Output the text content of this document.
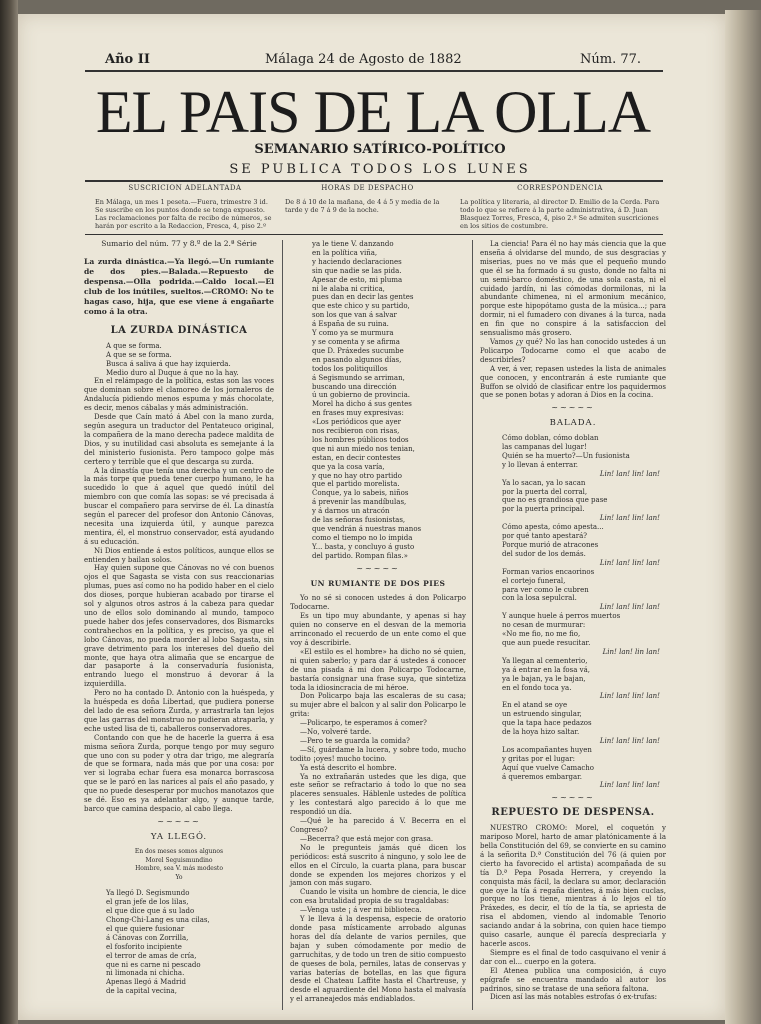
Año II	Málaga 24 de Agosto de 1882	Núm. 77.
EL PAIS DE LA OLLA
SEMANARIO SATÍRICO-POLÍTICO
SE PUBLICA TODOS LOS LUNES
SUSCRICION ADELANTADA
En Málaga, un mes 1 peseta.—Fuera, trimestre 3 id. Se suscribe en los puntos donde se tenga expuesto. Las reclamaciones por falta de recibo de números, se harán por escrito a la Redaccion, Fresca, 4, piso 2.º
HORAS DE DESPACHO
De 8 á 10 de la mañana, de 4 á 5 y media de la tarde y de 7 á 9 de la noche.
CORRESPONDENCIA
La política y literaria, al director D. Emilio de la Cerda. Para todo lo que se refiere á la parte administrativa, á D. Juan Blasquez Torres, Fresca, 4, piso 2.º Se admiten suscriciones en los sitios de costumbre.

Sumario del núm. 77 y 8.º de la 2.ª Série

La zurda dinástica.—Ya llegó.—Un rumiante de dos pies.—Balada.—Repuesto de despensa.—Olla podrida.—Caldo local.—El club de los inútiles, sueltos.—CROMO: No te hagas caso, hija, que ese viene á engañarte como á la otra.

LA ZURDA DINÁSTICA

A que se forma.

A que se se forma.

Busca á saliva á que hay izquierda.

Medio duro al Duque á que no la hay.

En el relámpago de la política, estas son las voces que dominan sobre el clamoreo de los jornaleros de Andalucía pidiendo menos espuma y más chocolate, es decir, menos cábalas y más administración.

Desde que Caín mató á Abel con la mano zurda, según asegura un traductor del Pentateuco original, la compañera de la mano derecha padece maldita de Dios, y su inutilidad casi absoluta es semejante á la del ministerio fusionista. Pero tampoco golpe más certero y terrible que el que descarga su zurda.

A la dinastía que tenía una derecha y un centro de la más torpe que pueda tener cuerpo humano, le ha sucedido lo que á aquel que quedó inútil del miembro con que comía las sopas: se vé precisada á buscar el compañero para servirse de él. La dinastía según el parecer del profesor don Antonio Cánovas, necesita una izquierda útil, y aunque parezca mentira, él, el monstruo conservador, está ayudando á su educación.

Ni Dios entiende á estos políticos, aunque ellos se entienden y bailan solos.

Hay quien supone que Cánovas no vé con buenos ojos el que Sagasta se vista con sus reaccionarias plumas, pues así como no ha podido haber en el cielo dos dioses, porque hubieran acabado por tirarse el sol y algunos otros astros á la cabeza para quedar uno de ellos solo dominando al mundo, tampoco puede haber dos jefes conservadores, dos Bismarcks contrahechos en la política, y es preciso, ya que el lobo Cánovas, no pueda morder al lobo Sagasta, sin grave detrimento para los intereses del dueño del monte, que haya otra alimaña que se encargue de dar pasaporte á la conservaduría fusionista, entrando luego el monstruo á devorar á la izquierdilla.

Pero no ha contado D. Antonio con la huéspeda, y la huéspeda es doña Libertad, que pudiera ponerse del lado de esa señora Zurda, y arrastrarla tan lejos que las garras del monstruo no pudieran atraparla, y eche usted lisa de ti, caballeros conservadores.

Contando con que he de hacerle la guerra á esa misma señora Zurda, porque tengo por muy seguro que uno con su poder y otra dar trigo, me alegraría de que se formara, nada más que por una cosa: por ver si lograba echar fuera esa monarca borrascosa que se le paró en las narices al país el año pasado, y que no puede desesperar por muchos manotazos que se dé. Eso es ya adelantar algo, y aunque tarde, barco que camina despacio, al cabo llega.

~~~~~

YA LLEGÓ.

En dos meses somos algunos

Morel Seguismundino

Hombre, sea V. más modesto

Yo

Ya llegó D. Segismundo

el gran jefe de los lilas,

el que dice que á su lado

Chong-Chi-Lang es una cilas,

el que quiere fusionar

á Cánovas con Zorrilla,

el fosforito incipiente

el terror de amas de cría,

que ni es carne ni pescado

ni limonada ni chicha.

Apenas llegó á Madrid

de la capital vecina,

ya le tiene V. danzando

en la política viña,

y haciendo declaraciones

sin que nadie se las pida.

Apesar de esto, mi pluma

ni le alaba ni critica,

pues dan en decir las gentes

que este chico y su partido,

son los que van á salvar

á España de su ruina.

Y como ya se murmura

y se comenta y se afirma

que D. Práxedes sucumbe

en pasando algunos días,

todos los politiquillos

á Segismundo se arriman,

buscando una dirección

ú un gobierno de provincia.

Morel ha dicho á sus gentes

en frases muy expresivas:

«Los periódicos que ayer

nos recibieron con risas,

los hombres públicos todos

que ni aun miedo nos tenian,

estan, en decir contestes

que ya la cosa varía,

y que no hay otro partido

que el partido morelista.

Conque, ya lo sabeis, niños

á prevenir las mandíbulas,

y á darnos un atracón

de las señoras fusionistas,

que vendrán á nuestras manos

como el tiempo no lo impida

Y... basta, y concluyo á gusto

del partido. Rompan filas.»

~~~~~

UN RUMIANTE DE DOS PIES

Yo no sé si conocen ustedes á don Policarpo Todocarne.

Es un tipo muy abundante, y apenas si hay quien no conserve en el desvan de la memoria arrinconado el recuerdo de un ente como el que voy á describirle.

«El estilo es el hombre» ha dicho no sé quien, ni quien saberlo; y para dar á ustedes á conocer de una pisada á mi don Policarpo Todocarne, bastaría consignar una frase suya, que sintetiza toda la idiosincracia de mi héroe.

Don Policarpo baja las escaleras de su casa; su mujer abre el balcon y al salir don Policarpo le grita:

—Policarpo, te esperamos á comer?

—No, volveré tarde.

—Pero te se guarda la comida?

—Sí, guárdame la lucera, y sobre todo, mucho todito ¡oyes! mucho tocino.

Ya está descrito el hombre.

Ya no extrañarán ustedes que les diga, que este señor se refractario á todo lo que no sea placeres sensuales. Háblenle ustedes de política y les contestará algo parecido á lo que me respondió un día.

—Qué le ha parecido á V. Becerra en el Congreso?

—Becerra? que está mejor con grasa.

No le pregunteis jamás qué dicen los periódicos: está suscrito á ninguno, y solo lee de ellos en el Círculo, la cuarta plana, para buscar donde se expenden los mejores chorizos y el jamon con más sugaro.

Cuando le visita un hombre de ciencia, le dice con esa brutalidad propia de su tragaldabas:

—Venga uste ¡ á ver mi biblioteca.

Y le lleva á la despensa, especie de oratorio donde pasa místicamente arrobado algunas horas del día delante de varios perniles, que bajan y suben cómodamente por medio de garruchitas, y de todo un tren de sitio compuesto de queses de bola, perniles, latas de conservas y varias baterías de botellas, en las que figura desde el Chateau Laffite hasta el Chartreuse, y desde el aguardiente del Mono hasta el malvasía y el arraneajedos más endiablados.

La ciencia! Para él no hay más ciencia que la que enseña á olvidarse del mundo, de sus desgracias y miserias, pues no ve más que el pequeño mundo que él se ha formado á su gusto, donde no falta ni un semi-barco doméstico, de una sola casta, ni el cuidado jardín, ni las cómodas dormilonas, ni la abundante chimenea, ni el armonium mecánico, porque este hipopótamo gusta de la música...; para dormir, ni el fumadero con divanes á la turca, nada en fin que no conspire á la satisfaccion del sensualismo más grosero.

Vamos ¿y qué? No las han conocido ustedes á un Policarpo Todocarne como el que acabo de describirles?

A ver, á ver, repasen ustedes la lista de animales que conocen, y encontrarán á este rumiante que Buffon se olvidó de clasificar entre los paquidermos que se ponen botas y adoran á Dios en la cocina.

~~~~~

BALADA.

Cómo doblan, cómo doblan

las campanas del lugar!

Quién se ha muerto?—Un fusionista

y lo llevan á enterrar.

Lin! lan! lin! lan!

Ya lo sacan, ya lo sacan

por la puerta del corral,

que no es grandiosa que pase

por la puerta principal.

Lin! lan! lin! lan!

Cómo apesta, cómo apesta...

por qué tanto apestará?

Porque murió de atracones

del sudor de los demás.

Lin! lan! lin! lan!

Forman varios encaorinos

el cortejo funeral,

para ver como le cubren

con la losa sepulcral.

Lin! lan! lin! lan!

Y aunque huele á perros muertos

no cesan de murmurar:

«No me fio, no me fio,

que aun puede resucitar.

Lin! lan! lin lan!

Ya llegan al cementerio,

ya á entrar en la fosa vá,

ya le bajan, ya le bajan,

en el fondo toca ya.

Lin! lan! lin! lan!

En el atand se oye

un estruendo singular,

que la tapa hace pedazos

de la hoya hizo saltar.

Lin! lan! lin! lan!

Los acompañantes huyen

y gritas por el lugar:

Aquí que vuelve Camacho

á queremos embargar.

Lin! lan! lin! lan!

~~~~~

REPUESTO DE DESPENSA.

NUESTRO CROMO: Morel, el coquetón y mariposo Morel, harto de amar platónicamente á la bella Constitución del 69, se convierte en su camino á la señorita D.ª Constitución del 76 (á quien por cierto ha favorecido el artista) acompañada de su tía D.ª Pepa Posada Herrera, y creyendo la conquista más fácil, la declara su amor, declaración que oye la tía á regaña dientes, á más bien cuclas, porque no los tiene, mientras á lo lejos el tío Práxedes, es decir, el tío de la tía, se apriesta de risa el abdomen, viendo al indomable Tenorio saciando andar á la sobrina, con quien hace tiempo quiso casarle, aunque él parecía despreciarla y hacerle ascos.

Siempre es el final de todo casquivano el venir á dar con el... cuerpo en la gotera.

El Atenea publica una composición, á cuyo epígrafe se encuentra mandado al autor los padrinos, sino se tratase de una señora faltona.

Dicen así las más notables estrofas ó ex-trufas:
